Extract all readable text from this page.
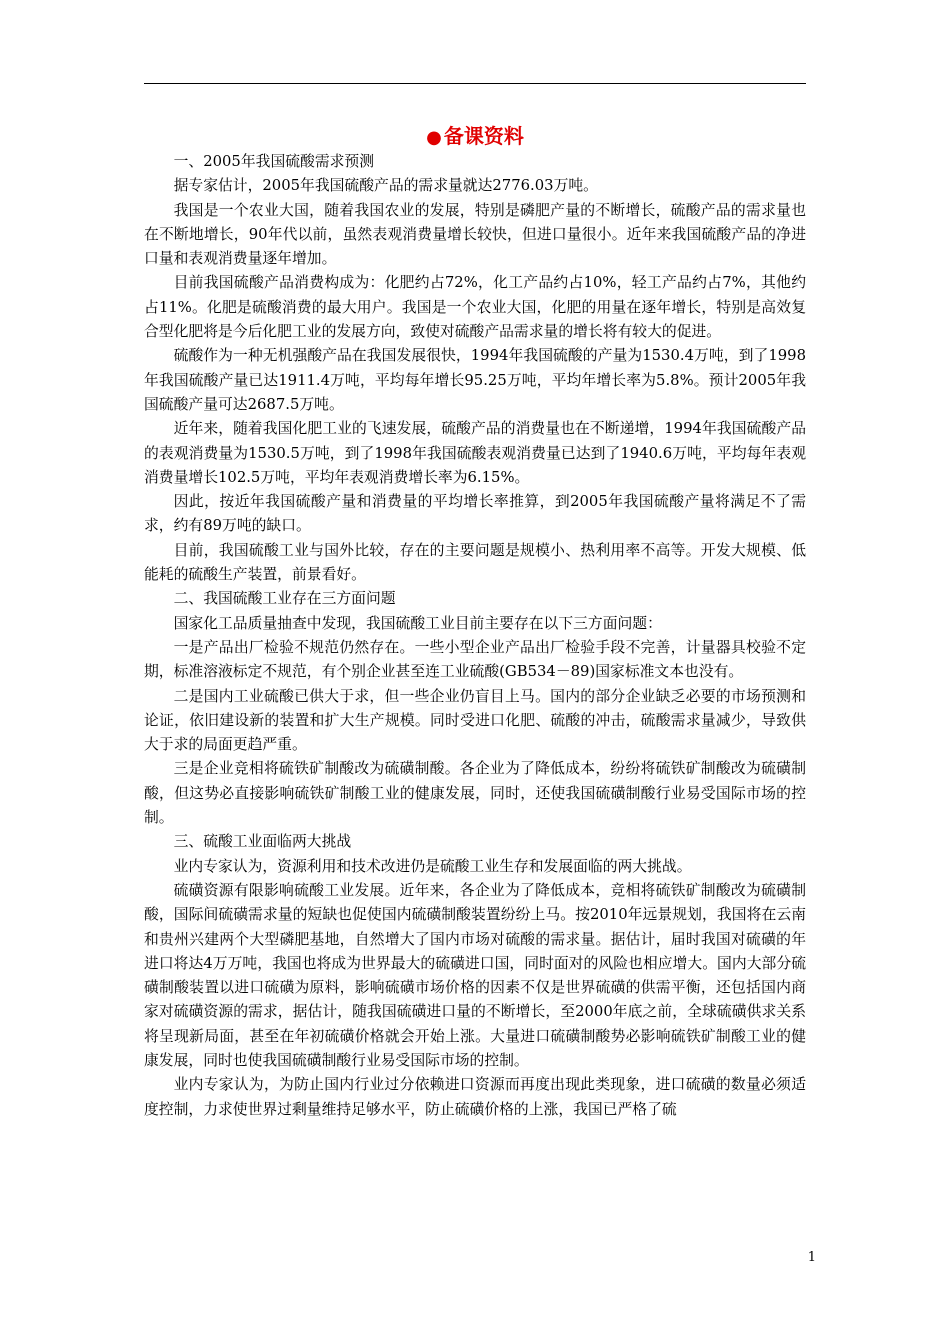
● 备课资料

一、2005年我国硫酸需求预测

据专家估计，2005年我国硫酸产品的需求量就达2776.03万吨。

我国是一个农业大国，随着我国农业的发展，特别是磷肥产量的不断增长，硫酸产品的需求量也在不断地增长，90年代以前，虽然表观消费量增长较快，但进口量很小。近年来我国硫酸产品的净进口量和表观消费量逐年增加。

目前我国硫酸产品消费构成为：化肥约占72%，化工产品约占10%，轻工产品约占7%，其他约占11%。化肥是硫酸消费的最大用户。我国是一个农业大国，化肥的用量在逐年增长，特别是高效复合型化肥将是今后化肥工业的发展方向，致使对硫酸产品需求量的增长将有较大的促进。

硫酸作为一种无机强酸产品在我国发展很快，1994年我国硫酸的产量为1530.4万吨，到了1998年我国硫酸产量已达1911.4万吨，平均每年增长95.25万吨，平均年增长率为5.8%。预计2005年我国硫酸产量可达2687.5万吨。

近年来，随着我国化肥工业的飞速发展，硫酸产品的消费量也在不断递增，1994年我国硫酸产品的表观消费量为1530.5万吨，到了1998年我国硫酸表观消费量已达到了1940.6万吨，平均每年表观消费量增长102.5万吨，平均年表观消费增长率为6.15%。

因此，按近年我国硫酸产量和消费量的平均增长率推算，到2005年我国硫酸产量将满足不了需求，约有89万吨的缺口。

目前，我国硫酸工业与国外比较，存在的主要问题是规模小、热利用率不高等。开发大规模、低能耗的硫酸生产装置，前景看好。

二、我国硫酸工业存在三方面问题

国家化工品质量抽查中发现，我国硫酸工业目前主要存在以下三方面问题：

一是产品出厂检验不规范仍然存在。一些小型企业产品出厂检验手段不完善，计量器具校验不定期，标准溶液标定不规范，有个别企业甚至连工业硫酸(GB534－89)国家标准文本也没有。

二是国内工业硫酸已供大于求，但一些企业仍盲目上马。国内的部分企业缺乏必要的市场预测和论证，依旧建设新的装置和扩大生产规模。同时受进口化肥、硫酸的冲击，硫酸需求量减少，导致供大于求的局面更趋严重。

三是企业竞相将硫铁矿制酸改为硫磺制酸。各企业为了降低成本，纷纷将硫铁矿制酸改为硫磺制酸，但这势必直接影响硫铁矿制酸工业的健康发展，同时，还使我国硫磺制酸行业易受国际市场的控制。

三、硫酸工业面临两大挑战

业内专家认为，资源利用和技术改进仍是硫酸工业生存和发展面临的两大挑战。

硫磺资源有限影响硫酸工业发展。近年来，各企业为了降低成本，竞相将硫铁矿制酸改为硫磺制酸，国际间硫磺需求量的短缺也促使国内硫磺制酸装置纷纷上马。按2010年远景规划，我国将在云南和贵州兴建两个大型磷肥基地，自然增大了国内市场对硫酸的需求量。据估计，届时我国对硫磺的年进口将达4万万吨，我国也将成为世界最大的硫磺进口国，同时面对的风险也相应增大。国内大部分硫磺制酸装置以进口硫磺为原料，影响硫磺市场价格的因素不仅是世界硫磺的供需平衡，还包括国内商家对硫磺资源的需求，据估计，随我国硫磺进口量的不断增长，至2000年底之前，全球硫磺供求关系将呈现新局面，甚至在年初硫磺价格就会开始上涨。大量进口硫磺制酸势必影响硫铁矿制酸工业的健康发展，同时也使我国硫磺制酸行业易受国际市场的控制。

业内专家认为，为防止国内行业过分依赖进口资源而再度出现此类现象，进口硫磺的数量必须适度控制，力求使世界过剩量维持足够水平，防止硫磺价格的上涨，我国已严格了硫

1
